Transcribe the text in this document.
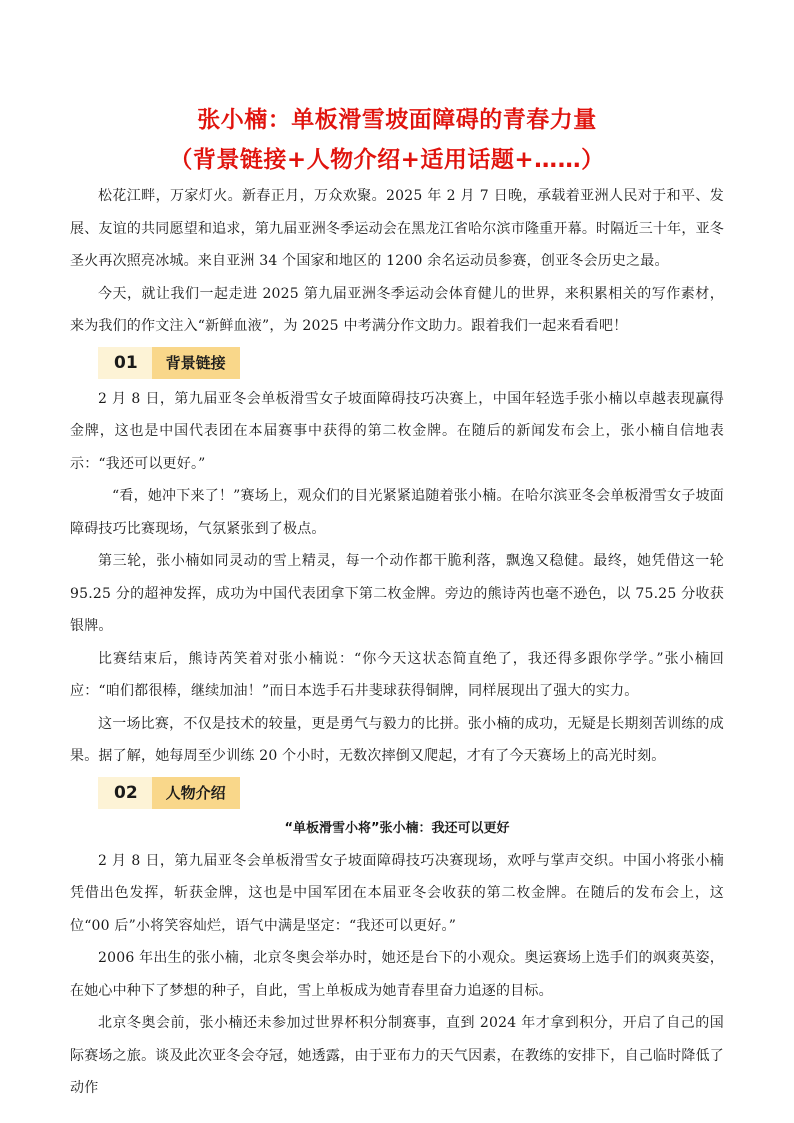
张小楠：单板滑雪坡面障碍的青春力量
（背景链接+人物介绍+适用话题+……）

松花江畔，万家灯火。新春正月，万众欢聚。2025 年 2 月 7 日晚，承载着亚洲人民对于和平、发展、友谊的共同愿望和追求，第九届亚洲冬季运动会在黑龙江省哈尔滨市隆重开幕。时隔近三十年，亚冬圣火再次照亮冰城。来自亚洲 34 个国家和地区的 1200 余名运动员参赛，创亚冬会历史之最。

今天，就让我们一起走进 2025 第九届亚洲冬季运动会体育健儿的世界，来积累相关的写作素材，来为我们的作文注入“新鲜血液”，为 2025 中考满分作文助力。跟着我们一起来看看吧！

01	背景链接

2 月 8 日，第九届亚冬会单板滑雪女子坡面障碍技巧决赛上，中国年轻选手张小楠以卓越表现赢得金牌，这也是中国代表团在本届赛事中获得的第二枚金牌。在随后的新闻发布会上，张小楠自信地表示：“我还可以更好。”

“看，她冲下来了！”赛场上，观众们的目光紧紧追随着张小楠。在哈尔滨亚冬会单板滑雪女子坡面障碍技巧比赛现场，气氛紧张到了极点。

第三轮，张小楠如同灵动的雪上精灵，每一个动作都干脆利落，飘逸又稳健。最终，她凭借这一轮 95.25 分的超神发挥，成功为中国代表团拿下第二枚金牌。旁边的熊诗芮也毫不逊色，以 75.25 分收获银牌。

比赛结束后，熊诗芮笑着对张小楠说：“你今天这状态简直绝了，我还得多跟你学学。”张小楠回应：“咱们都很棒，继续加油！”而日本选手石井斐球获得铜牌，同样展现出了强大的实力。

这一场比赛，不仅是技术的较量，更是勇气与毅力的比拼。张小楠的成功，无疑是长期刻苦训练的成果。据了解，她每周至少训练 20 个小时，无数次摔倒又爬起，才有了今天赛场上的高光时刻。

02	人物介绍
“单板滑雪小将”张小楠：我还可以更好

2 月 8 日，第九届亚冬会单板滑雪女子坡面障碍技巧决赛现场，欢呼与掌声交织。中国小将张小楠凭借出色发挥，斩获金牌，这也是中国军团在本届亚冬会收获的第二枚金牌。在随后的发布会上，这位“00 后”小将笑容灿烂，语气中满是坚定：“我还可以更好。”

2006 年出生的张小楠，北京冬奥会举办时，她还是台下的小观众。奥运赛场上选手们的飒爽英姿，在她心中种下了梦想的种子，自此，雪上单板成为她青春里奋力追逐的目标。

北京冬奥会前，张小楠还未参加过世界杯积分制赛事，直到 2024 年才拿到积分，开启了自己的国际赛场之旅。谈及此次亚冬会夺冠，她透露，由于亚布力的天气因素，在教练的安排下，自己临时降低了动作
